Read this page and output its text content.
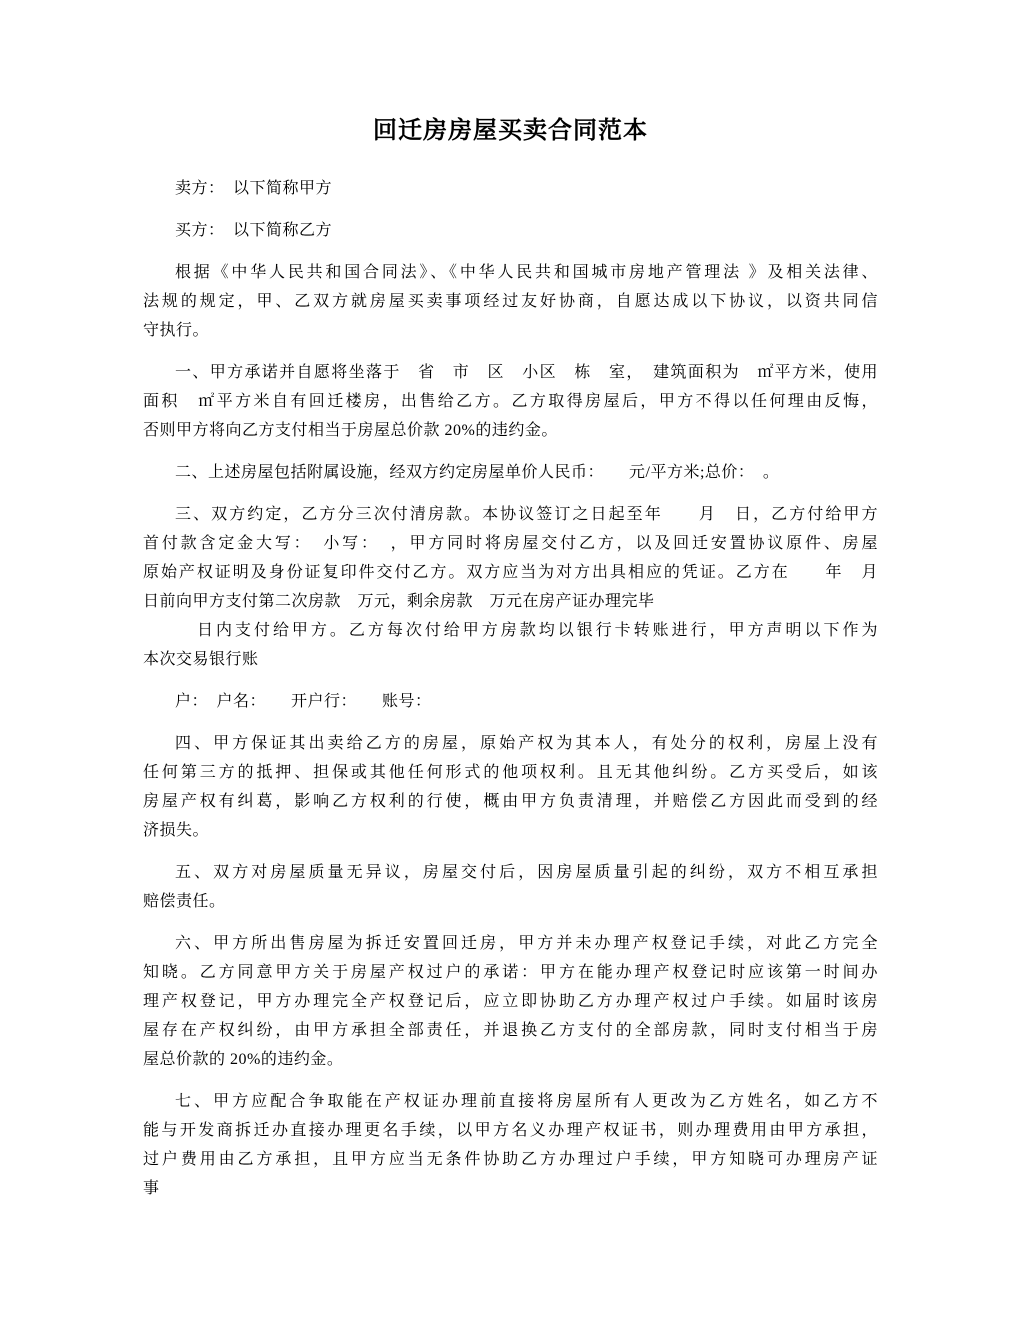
回迁房房屋买卖合同范本
卖方：　以下简称甲方
买方：　以下简称乙方
根据《中华人民共和国合同法》、《中华人民共和国城市房地产管理法 》及相关法律、
法规的规定，甲、乙双方就房屋买卖事项经过友好协商，自愿达成以下协议，以资共同信
守执行。
一、甲方承诺并自愿将坐落于　省　市　区　小区　栋　室，　建筑面积为　㎡平方米，使用
面积　㎡平方米自有回迁楼房，出售给乙方。乙方取得房屋后，甲方不得以任何理由反悔，
否则甲方将向乙方支付相当于房屋总价款 20%的违约金。
二、上述房屋包括附属设施，经双方约定房屋单价人民币：　　元/平方米;总价：　。
三、双方约定，乙方分三次付清房款。本协议签订之日起至年　　月　日，乙方付给甲方
首付款含定金大写：　小写：　，甲方同时将房屋交付乙方，以及回迁安置协议原件、房屋
原始产权证明及身份证复印件交付乙方。双方应当为对方出具相应的凭证。乙方在　　年　月
日前向甲方支付第二次房款　万元，剩余房款　万元在房产证办理完毕
日内支付给甲方。乙方每次付给甲方房款均以银行卡转账进行，甲方声明以下作为
本次交易银行账
户：　户名：　　开户行：　　账号：
四、甲方保证其出卖给乙方的房屋，原始产权为其本人，有处分的权利，房屋上没有
任何第三方的抵押、担保或其他任何形式的他项权利。且无其他纠纷。乙方买受后，如该
房屋产权有纠葛，影响乙方权利的行使，概由甲方负责清理，并赔偿乙方因此而受到的经
济损失。
五、双方对房屋质量无异议，房屋交付后，因房屋质量引起的纠纷，双方不相互承担
赔偿责任。
六、甲方所出售房屋为拆迁安置回迁房，甲方并未办理产权登记手续，对此乙方完全
知晓。乙方同意甲方关于房屋产权过户的承诺：甲方在能办理产权登记时应该第一时间办
理产权登记，甲方办理完全产权登记后，应立即协助乙方办理产权过户手续。如届时该房
屋存在产权纠纷，由甲方承担全部责任，并退换乙方支付的全部房款，同时支付相当于房
屋总价款的 20%的违约金。
七、甲方应配合争取能在产权证办理前直接将房屋所有人更改为乙方姓名，如乙方不
能与开发商拆迁办直接办理更名手续，以甲方名义办理产权证书，则办理费用由甲方承担，
过户费用由乙方承担，且甲方应当无条件协助乙方办理过户手续，甲方知晓可办理房产证
事
